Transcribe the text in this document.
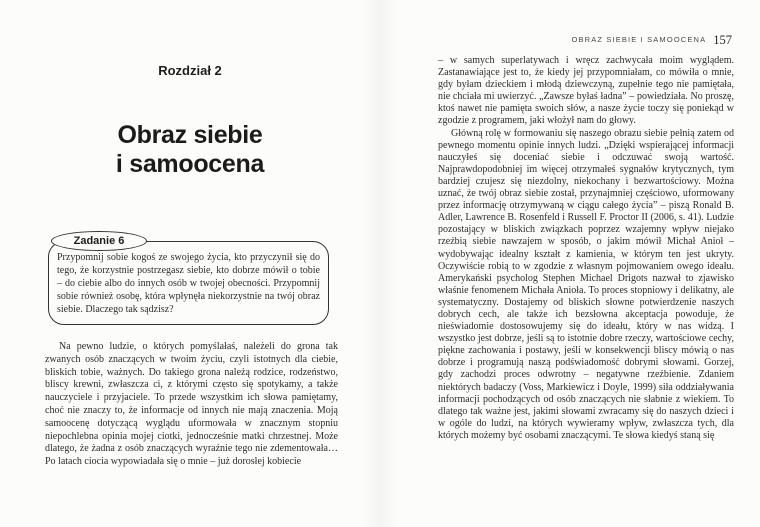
Rozdział 2
Obraz siebie
i samoocena
Zadanie 6
Przypomnij sobie kogoś ze swojego życia, kto przyczynił się do tego, że korzystnie postrzegasz siebie, kto dobrze mówił o tobie – do ciebie albo do innych osób w twojej obecności. Przypomnij sobie również osobę, która wpłynęła niekorzystnie na twój obraz siebie. Dlaczego tak sądzisz?

Na pewno ludzie, o których pomyślałaś, należeli do grona tak zwanych osób znaczących w twoim życiu, czyli istotnych dla ciebie, bliskich tobie, ważnych. Do takiego grona należą rodzice, rodzeństwo, bliscy krewni, zwłaszcza ci, z którymi często się spotykamy, a także nauczyciele i przyjaciele. To przede wszystkim ich słowa pamiętamy, choć nie znaczy to, że informacje od innych nie mają znaczenia. Moją samoocenę dotyczącą wyglądu uformowała w znacznym stopniu niepochlebna opinia mojej ciotki, jednocześnie matki chrzestnej. Może dlatego, że żadna z osób znaczących wyraźnie tego nie zdementowała… Po latach ciocia wypowiadała się o mnie – już dorosłej kobiecie

OBRAZ SIEBIE I SAMOOCENA 157

– w samych superlatywach i wręcz zachwycała moim wyglądem. Zastanawiające jest to, że kiedy jej przypomniałam, co mówiła o mnie, gdy byłam dzieckiem i młodą dziewczyną, zupełnie tego nie pamiętała, nie chciała mi uwierzyć. „Zawsze byłaś ładna” – powiedziała. No proszę, ktoś nawet nie pamięta swoich słów, a nasze życie toczy się poniekąd w zgodzie z programem, jaki włożył nam do głowy.

Główną rolę w formowaniu się naszego obrazu siebie pełnią zatem od pewnego momentu opinie innych ludzi. „Dzięki wspierającej informacji nauczyłeś się doceniać siebie i odczuwać swoją wartość. Najprawdopodobniej im więcej otrzymałeś sygnałów krytycznych, tym bardziej czujesz się niezdolny, niekochany i bezwartościowy. Można uznać, że twój obraz siebie został, przynajmniej częściowo, uformowany przez informację otrzymywaną w ciągu całego życia” – piszą Ronald B. Adler, Lawrence B. Rosenfeld i Russell F. Proctor II (2006, s. 41). Ludzie pozostający w bliskich związkach poprzez wzajemny wpływ niejako rzeźbią siebie nawzajem w sposób, o jakim mówił Michał Anioł – wydobywając idealny kształt z kamienia, w którym ten jest ukryty. Oczywiście robią to w zgodzie z własnym pojmowaniem owego ideału. Amerykański psycholog Stephen Michael Drigots nazwał to zjawisko właśnie fenomenem Michała Anioła. To proces stopniowy i delikatny, ale systematyczny. Dostajemy od bliskich słowne potwierdzenie naszych dobrych cech, ale także ich bezsłowna akceptacja powoduje, że nieświadomie dostosowujemy się do ideału, który w nas widzą. I wszystko jest dobrze, jeśli są to istotnie dobre rzeczy, wartościowe cechy, piękne zachowania i postawy, jeśli w konsekwencji bliscy mówią o nas dobrze i programują naszą podświadomość dobrymi słowami. Gorzej, gdy zachodzi proces odwrotny – negatywne rzeźbienie. Zdaniem niektórych badaczy (Voss, Markiewicz i Doyle, 1999) siła oddziaływania informacji pochodzących od osób znaczących nie słabnie z wiekiem. To dlatego tak ważne jest, jakimi słowami zwracamy się do naszych dzieci i w ogóle do ludzi, na których wywieramy wpływ, zwłaszcza tych, dla których możemy być osobami znaczącymi. Te słowa kiedyś staną się
